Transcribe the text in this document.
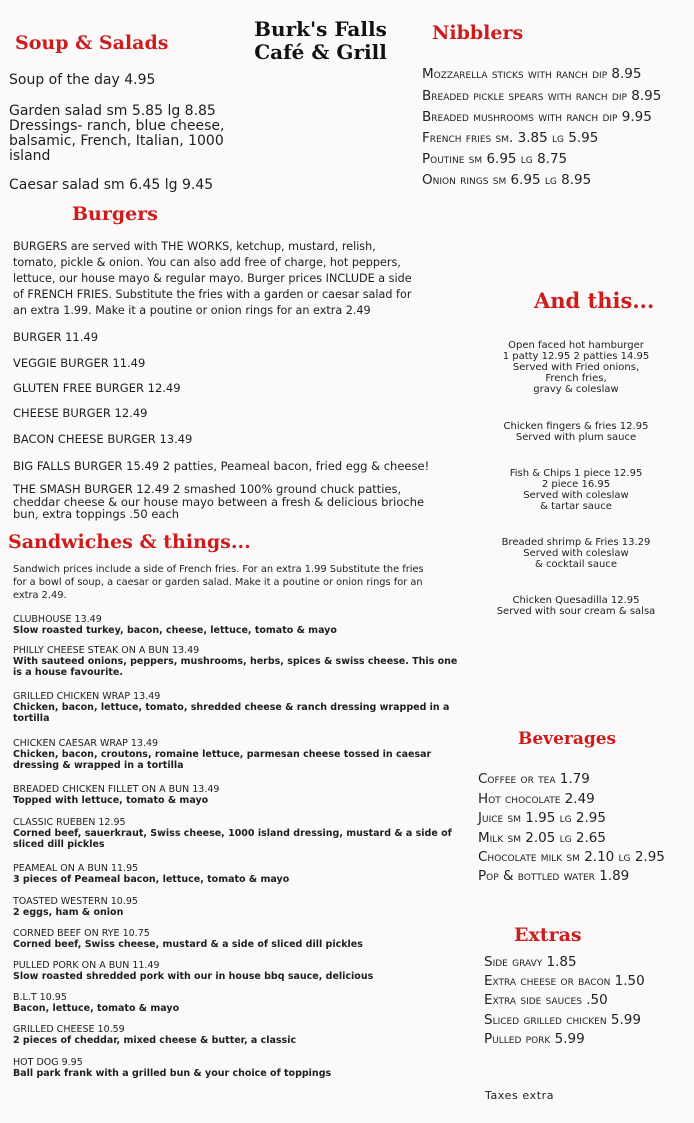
Burk's Falls
Café & Grill
Soup & Salads
Soup of the day 4.95
Garden salad sm 5.85 lg 8.85
Dressings- ranch, blue cheese,
balsamic, French, Italian, 1000
island
Caesar salad sm 6.45 lg 9.45
Burgers
BURGERS are served with THE WORKS, ketchup, mustard, relish,
tomato, pickle & onion. You can also add free of charge, hot peppers,
lettuce, our house mayo & regular mayo. Burger prices INCLUDE a side
of FRENCH FRIES. Substitute the fries with a garden or caesar salad for
an extra 1.99. Make it a poutine or onion rings for an extra 2.49
BURGER 11.49
VEGGIE BURGER 11.49
GLUTEN FREE BURGER 12.49
CHEESE BURGER 12.49
BACON CHEESE BURGER 13.49
BIG FALLS BURGER 15.49 2 patties, Peameal bacon, fried egg & cheese!
THE SMASH BURGER 12.49 2 smashed 100% ground chuck patties,
cheddar cheese & our house mayo between a fresh & delicious brioche
bun, extra toppings .50 each
Sandwiches & things...
Sandwich prices include a side of French fries. For an extra 1.99 Substitute the fries
for a bowl of soup, a caesar or garden salad. Make it a poutine or onion rings for an
extra 2.49.
CLUBHOUSE 13.49
Slow roasted turkey, bacon, cheese, lettuce, tomato & mayo
PHILLY CHEESE STEAK ON A BUN 13.49
With sauteed onions, peppers, mushrooms, herbs, spices & swiss cheese. This one
is a house favourite.
GRILLED CHICKEN WRAP 13.49
Chicken, bacon, lettuce, tomato, shredded cheese & ranch dressing wrapped in a
tortilla
CHICKEN CAESAR WRAP 13.49
Chicken, bacon, croutons, romaine lettuce, parmesan cheese tossed in caesar
dressing & wrapped in a tortilla
BREADED CHICKEN FILLET ON A BUN 13.49
Topped with lettuce, tomato & mayo
CLASSIC RUEBEN 12.95
Corned beef, sauerkraut, Swiss cheese, 1000 island dressing, mustard & a side of
sliced dill pickles
PEAMEAL ON A BUN 11.95
3 pieces of Peameal bacon, lettuce, tomato & mayo
TOASTED WESTERN 10.95
2 eggs, ham & onion
CORNED BEEF ON RYE 10.75
Corned beef, Swiss cheese, mustard & a side of sliced dill pickles
PULLED PORK ON A BUN 11.49
Slow roasted shredded pork with our in house bbq sauce, delicious
B.L.T 10.95
Bacon, lettuce, tomato & mayo
GRILLED CHEESE 10.59
2 pieces of cheddar, mixed cheese & butter, a classic
HOT DOG 9.95
Ball park frank with a grilled bun & your choice of toppings
Nibblers
Mozzarella sticks with ranch dip 8.95
Breaded pickle spears with ranch dip 8.95
Breaded mushrooms with ranch dip 9.95
French fries sm. 3.85 lg 5.95
Poutine sm 6.95 lg 8.75
Onion rings sm 6.95 lg 8.95
And this...
Open faced hot hamburger
1 patty 12.95 2 patties 14.95
Served with Fried onions,
French fries,
gravy & coleslaw
Chicken fingers & fries 12.95
Served with plum sauce
Fish & Chips 1 piece 12.95
2 piece 16.95
Served with coleslaw
& tartar sauce
Breaded shrimp & Fries 13.29
Served with coleslaw
& cocktail sauce
Chicken Quesadilla 12.95
Served with sour cream & salsa
Beverages
Coffee or tea 1.79
Hot chocolate 2.49
Juice sm 1.95 lg 2.95
Milk sm 2.05 lg 2.65
Chocolate milk sm 2.10 lg 2.95
Pop & bottled water 1.89
Extras
Side gravy 1.85
Extra cheese or bacon 1.50
Extra side sauces .50
Sliced grilled chicken 5.99
Pulled pork 5.99
Taxes extra
